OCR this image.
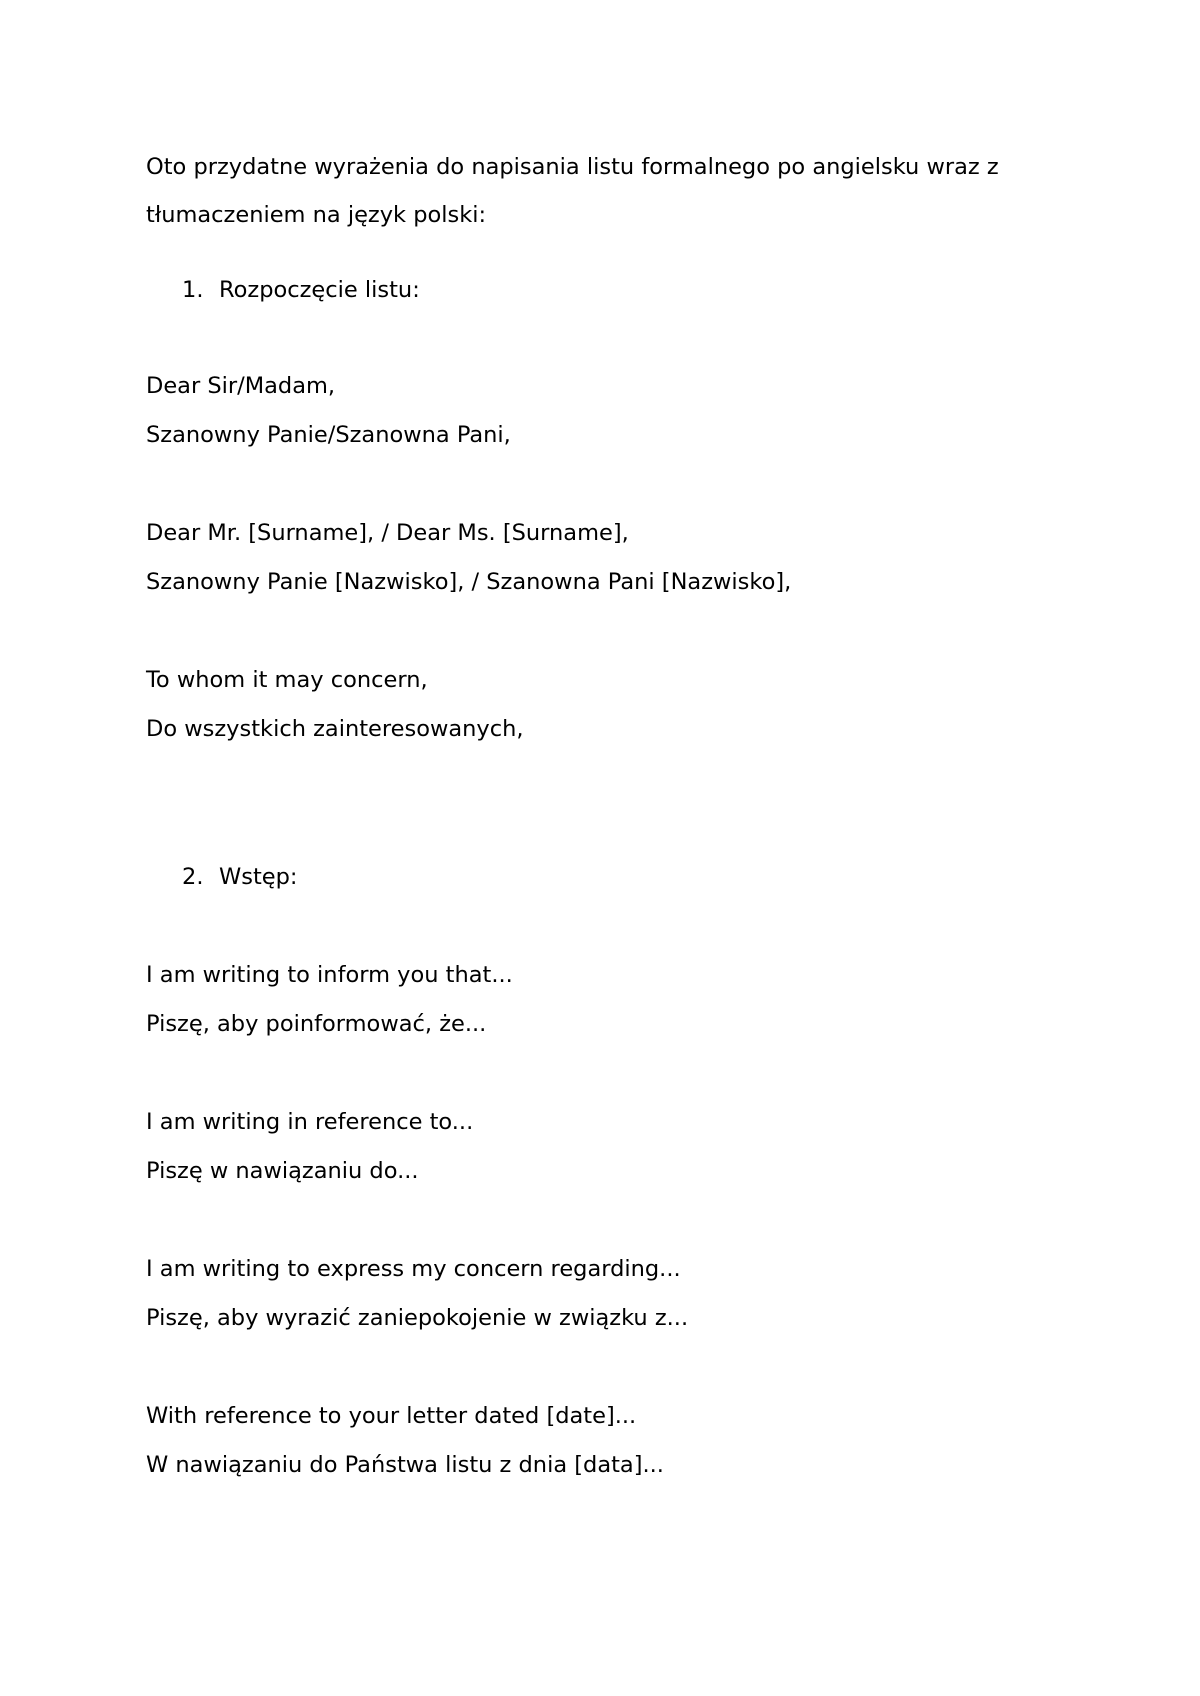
Oto przydatne wyrażenia do napisania listu formalnego po angielsku wraz z tłumaczeniem na język polski:
1. Rozpoczęcie listu:
Dear Sir/Madam,
Szanowny Panie/Szanowna Pani,
Dear Mr. [Surname], / Dear Ms. [Surname],
Szanowny Panie [Nazwisko], / Szanowna Pani [Nazwisko],
To whom it may concern,
Do wszystkich zainteresowanych,
2. Wstęp:
I am writing to inform you that...
Piszę, aby poinformować, że...
I am writing in reference to...
Piszę w nawiązaniu do...
I am writing to express my concern regarding...
Piszę, aby wyrazić zaniepokojenie w związku z...
With reference to your letter dated [date]...
W nawiązaniu do Państwa listu z dnia [data]...
